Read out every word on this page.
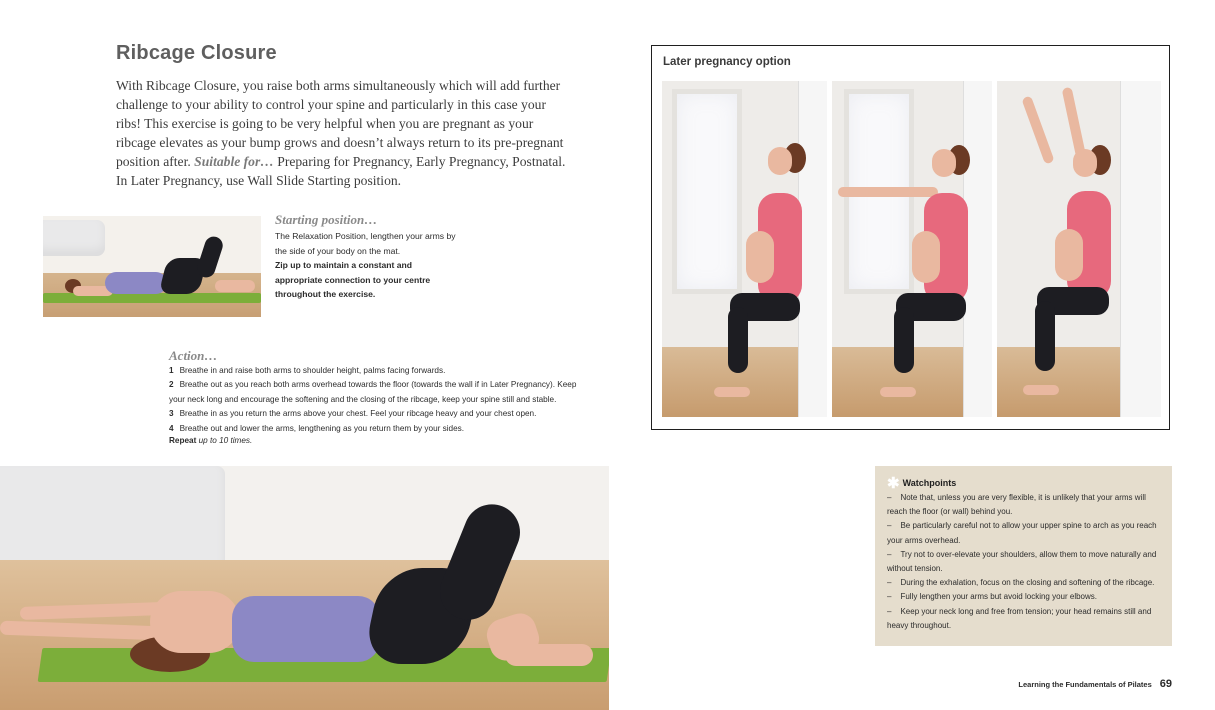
Ribcage Closure

With Ribcage Closure, you raise both arms simultaneously which will add further challenge to your ability to control your spine and particularly in this case your ribs! This exercise is going to be very helpful when you are pregnant as your ribcage elevates as your bump grows and doesn’t always return to its pre-pregnant position after. Suitable for… Preparing for Pregnancy, Early Pregnancy, Postnatal. In Later Pregnancy, use Wall Slide Starting position.

Starting position…

The Relaxation Position, lengthen your arms by the side of your body on the mat.
Zip up to maintain a constant and appropriate connection to your centre throughout the exercise.

Action…
1 Breathe in and raise both arms to shoulder height, palms facing forwards.
2 Breathe out as you reach both arms overhead towards the floor (towards the wall if in Later Pregnancy). Keep your neck long and encourage the softening and the closing of the ribcage, keep your spine still and stable.
3 Breathe in as you return the arms above your chest. Feel your ribcage heavy and your chest open.
4 Breathe out and lower the arms, lengthening as you return them by your sides.

Repeat up to 10 times.

Later pregnancy option

✱ Watchpoints

– Note that, unless you are very flexible, it is unlikely that your arms will reach the floor (or wall) behind you.
– Be particularly careful not to allow your upper spine to arch as you reach your arms overhead.
– Try not to over-elevate your shoulders, allow them to move naturally and without tension.
– During the exhalation, focus on the closing and softening of the ribcage.
– Fully lengthen your arms but avoid locking your elbows.
– Keep your neck long and free from tension; your head remains still and heavy throughout.
Learning the Fundamentals of Pilates 69
